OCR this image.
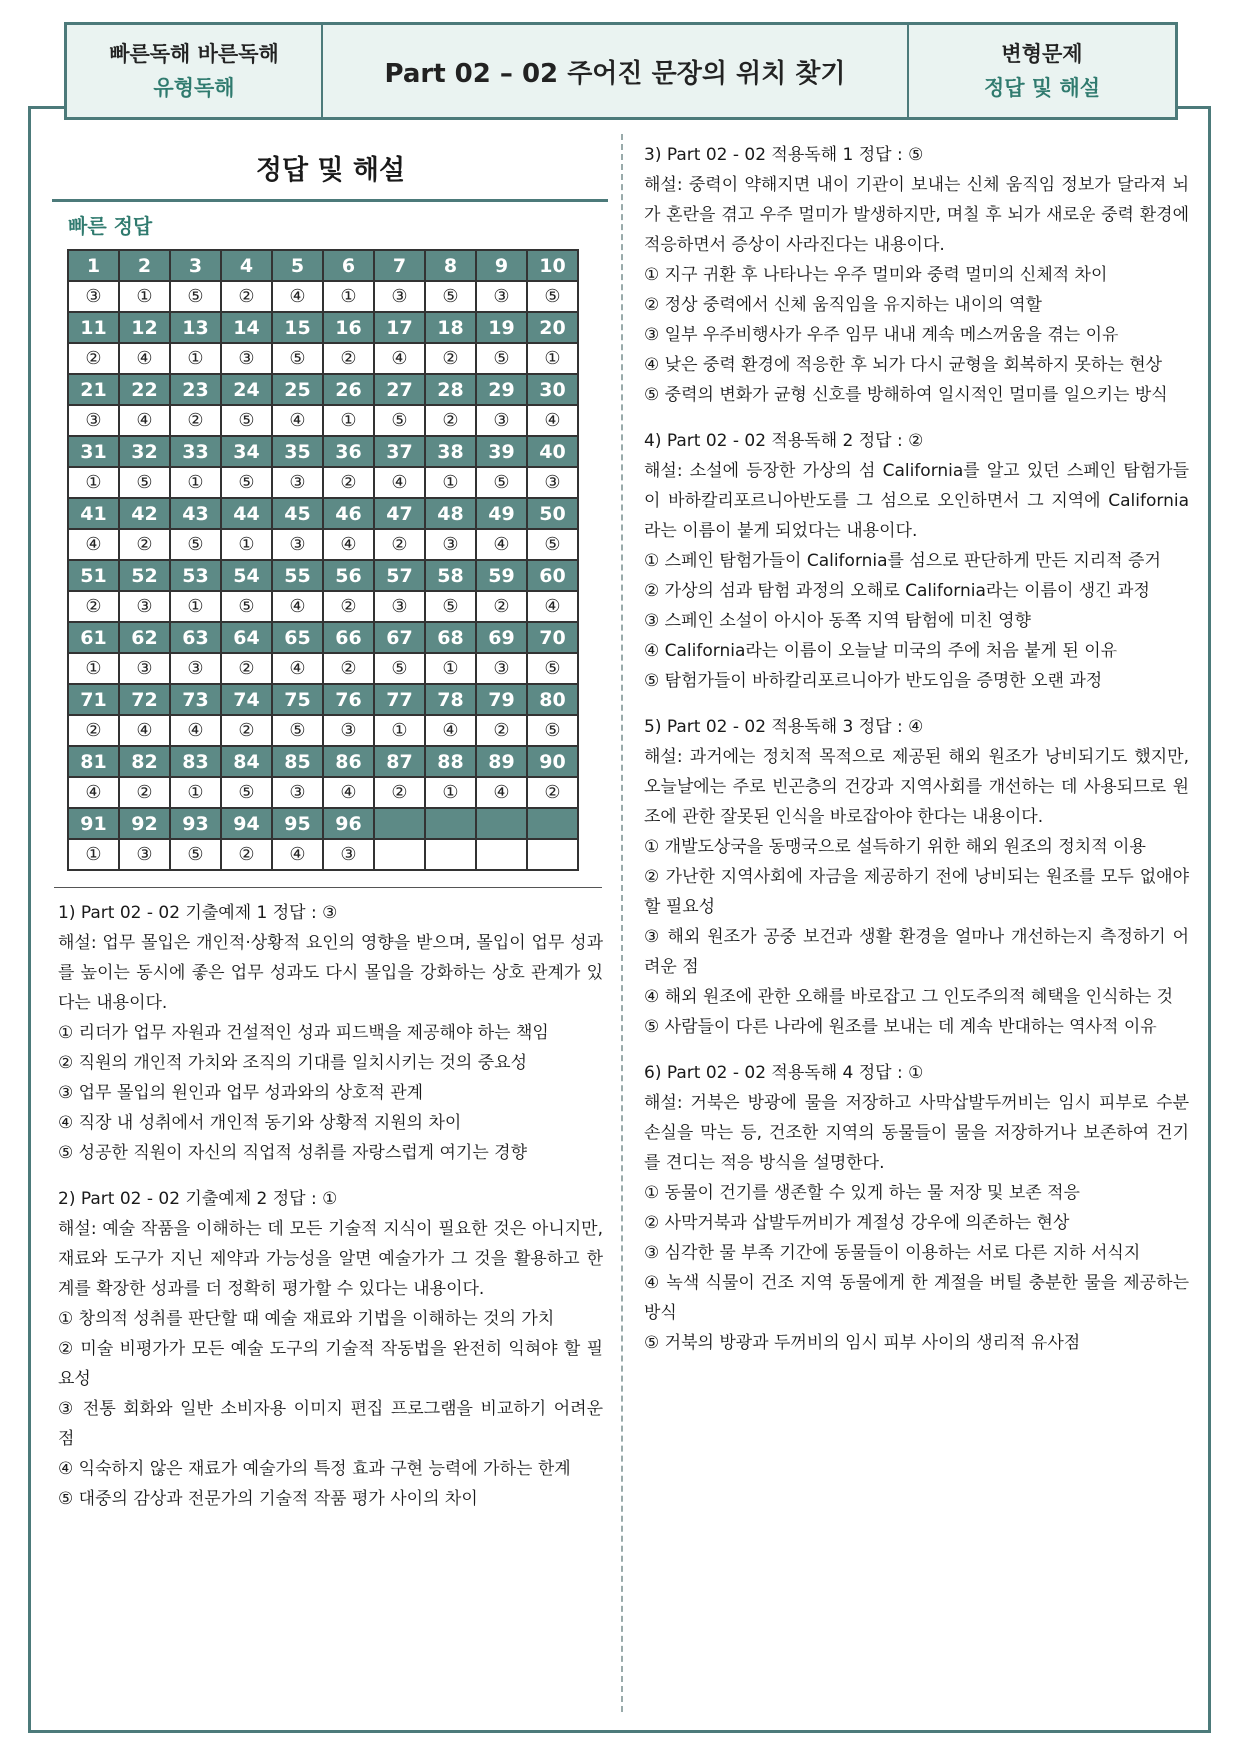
빠른독해 바른독해
유형독해	Part 02 – 02 주어진 문장의 위치 찾기
변형문제
정답 및 해설
정답 및 해설
빠른 정답
1	2	3	4	5	6	7	8	9	10
③	①	⑤	②	④	①	③	⑤	③	⑤
11	12	13	14	15	16	17	18	19	20
②	④	①	③	⑤	②	④	②	⑤	①
21	22	23	24	25	26	27	28	29	30
③	④	②	⑤	④	①	⑤	②	③	④
31	32	33	34	35	36	37	38	39	40
①	⑤	①	⑤	③	②	④	①	⑤	③
41	42	43	44	45	46	47	48	49	50
④	②	⑤	①	③	④	②	③	④	⑤
51	52	53	54	55	56	57	58	59	60
②	③	①	⑤	④	②	③	⑤	②	④
61	62	63	64	65	66	67	68	69	70
①	③	③	②	④	②	⑤	①	③	⑤
71	72	73	74	75	76	77	78	79	80
②	④	④	②	⑤	③	①	④	②	⑤
81	82	83	84	85	86	87	88	89	90
④	②	①	⑤	③	④	②	①	④	②
91	92	93	94	95	96				
①	③	⑤	②	④	③				

1) Part 02 - 02 기출예제 1 정답 : ③

해설: 업무 몰입은 개인적·상황적 요인의 영향을 받으며, 몰입이 업무 성과를 높이는 동시에 좋은 업무 성과도 다시 몰입을 강화하는 상호 관계가 있다는 내용이다.

① 리더가 업무 자원과 건설적인 성과 피드백을 제공해야 하는 책임

② 직원의 개인적 가치와 조직의 기대를 일치시키는 것의 중요성

③ 업무 몰입의 원인과 업무 성과와의 상호적 관계

④ 직장 내 성취에서 개인적 동기와 상황적 지원의 차이

⑤ 성공한 직원이 자신의 직업적 성취를 자랑스럽게 여기는 경향

2) Part 02 - 02 기출예제 2 정답 : ①

해설: 예술 작품을 이해하는 데 모든 기술적 지식이 필요한 것은 아니지만, 재료와 도구가 지닌 제약과 가능성을 알면 예술가가 그 것을 활용하고 한계를 확장한 성과를 더 정확히 평가할 수 있다는 내용이다.

① 창의적 성취를 판단할 때 예술 재료와 기법을 이해하는 것의 가치

② 미술 비평가가 모든 예술 도구의 기술적 작동법을 완전히 익혀야 할 필요성

③ 전통 회화와 일반 소비자용 이미지 편집 프로그램을 비교하기 어려운 점

④ 익숙하지 않은 재료가 예술가의 특정 효과 구현 능력에 가하는 한계

⑤ 대중의 감상과 전문가의 기술적 작품 평가 사이의 차이

3) Part 02 - 02 적용독해 1 정답 : ⑤

해설: 중력이 약해지면 내이 기관이 보내는 신체 움직임 정보가 달라져 뇌가 혼란을 겪고 우주 멀미가 발생하지만, 며칠 후 뇌가 새로운 중력 환경에 적응하면서 증상이 사라진다는 내용이다.

① 지구 귀환 후 나타나는 우주 멀미와 중력 멀미의 신체적 차이

② 정상 중력에서 신체 움직임을 유지하는 내이의 역할

③ 일부 우주비행사가 우주 임무 내내 계속 메스꺼움을 겪는 이유

④ 낮은 중력 환경에 적응한 후 뇌가 다시 균형을 회복하지 못하는 현상

⑤ 중력의 변화가 균형 신호를 방해하여 일시적인 멀미를 일으키는 방식

4) Part 02 - 02 적용독해 2 정답 : ②

해설: 소설에 등장한 가상의 섬 California를 알고 있던 스페인 탐험가들이 바하칼리포르니아반도를 그 섬으로 오인하면서 그 지역에 California라는 이름이 붙게 되었다는 내용이다.

① 스페인 탐험가들이 California를 섬으로 판단하게 만든 지리적 증거

② 가상의 섬과 탐험 과정의 오해로 California라는 이름이 생긴 과정

③ 스페인 소설이 아시아 동쪽 지역 탐험에 미친 영향

④ California라는 이름이 오늘날 미국의 주에 처음 붙게 된 이유

⑤ 탐험가들이 바하칼리포르니아가 반도임을 증명한 오랜 과정

5) Part 02 - 02 적용독해 3 정답 : ④

해설: 과거에는 정치적 목적으로 제공된 해외 원조가 낭비되기도 했지만, 오늘날에는 주로 빈곤층의 건강과 지역사회를 개선하는 데 사용되므로 원조에 관한 잘못된 인식을 바로잡아야 한다는 내용이다.

① 개발도상국을 동맹국으로 설득하기 위한 해외 원조의 정치적 이용

② 가난한 지역사회에 자금을 제공하기 전에 낭비되는 원조를 모두 없애야 할 필요성

③ 해외 원조가 공중 보건과 생활 환경을 얼마나 개선하는지 측정하기 어려운 점

④ 해외 원조에 관한 오해를 바로잡고 그 인도주의적 혜택을 인식하는 것

⑤ 사람들이 다른 나라에 원조를 보내는 데 계속 반대하는 역사적 이유

6) Part 02 - 02 적용독해 4 정답 : ①

해설: 거북은 방광에 물을 저장하고 사막삽발두꺼비는 임시 피부로 수분 손실을 막는 등, 건조한 지역의 동물들이 물을 저장하거나 보존하여 건기를 견디는 적응 방식을 설명한다.

① 동물이 건기를 생존할 수 있게 하는 물 저장 및 보존 적응

② 사막거북과 삽발두꺼비가 계절성 강우에 의존하는 현상

③ 심각한 물 부족 기간에 동물들이 이용하는 서로 다른 지하 서식지

④ 녹색 식물이 건조 지역 동물에게 한 계절을 버틸 충분한 물을 제공하는 방식

⑤ 거북의 방광과 두꺼비의 임시 피부 사이의 생리적 유사점
